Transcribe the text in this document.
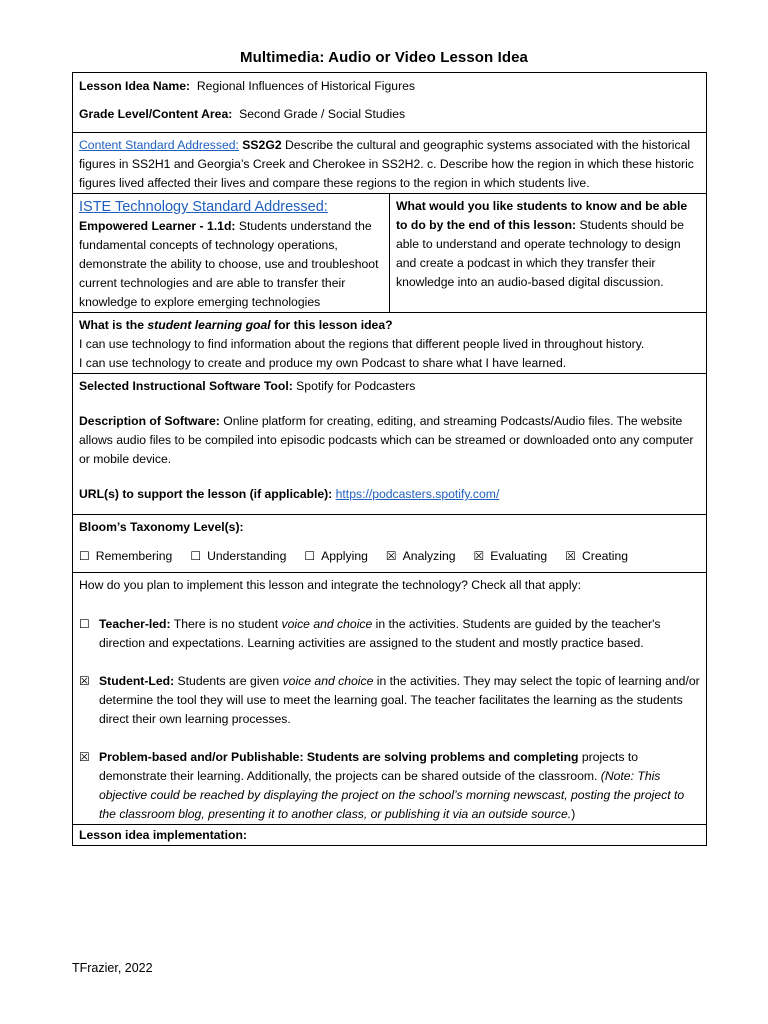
Multimedia: Audio or Video Lesson Idea
Lesson Idea Name: Regional Influences of Historical Figures
Grade Level/Content Area: Second Grade / Social Studies

Content Standard Addressed: SS2G2 Describe the cultural and geographic systems associated with the historical figures in SS2H1 and Georgia’s Creek and Cherokee in SS2H2. c. Describe how the region in which these historic figures lived affected their lives and compare these regions to the region in which students live.

ISTE Technology Standard Addressed:
Empowered Learner - 1.1d: Students understand the fundamental concepts of technology operations, demonstrate the ability to choose, use and troubleshoot current technologies and are able to transfer their knowledge to explore emerging technologies	What would you like students to know and be able to do by the end of this lesson: Students should be able to understand and operate technology to design and create a podcast in which they transfer their knowledge into an audio-based digital discussion.

What is the student learning goal for this lesson idea?
I can use technology to find information about the regions that different people lived in throughout history.
I can use technology to create and produce my own Podcast to share what I have learned.

Selected Instructional Software Tool: Spotify for Podcasters
Description of Software: Online platform for creating, editing, and streaming Podcasts/Audio files. The website allows audio files to be compiled into episodic podcasts which can be streamed or downloaded onto any computer or mobile device.
URL(s) to support the lesson (if applicable): https://podcasters.spotify.com/

Bloom’s Taxonomy Level(s):
☐ Remembering ☐ Understanding ☐ Applying ☒ Analyzing ☒ Evaluating ☒ Creating

How do you plan to implement this lesson and integrate the technology? Check all that apply:
☐ Teacher-led: There is no student voice and choice in the activities. Students are guided by the teacher's direction and expectations. Learning activities are assigned to the student and mostly practice based.
☒ Student-Led: Students are given voice and choice in the activities. They may select the topic of learning and/or determine the tool they will use to meet the learning goal. The teacher facilitates the learning as the students direct their own learning processes.
☒ Problem-based and/or Publishable: Students are solving problems and completing projects to demonstrate their learning. Additionally, the projects can be shared outside of the classroom. (Note: This objective could be reached by displaying the project on the school’s morning newscast, posting the project to the classroom blog, presenting it to another class, or publishing it via an outside source.)

Lesson idea implementation:
TFrazier, 2022
